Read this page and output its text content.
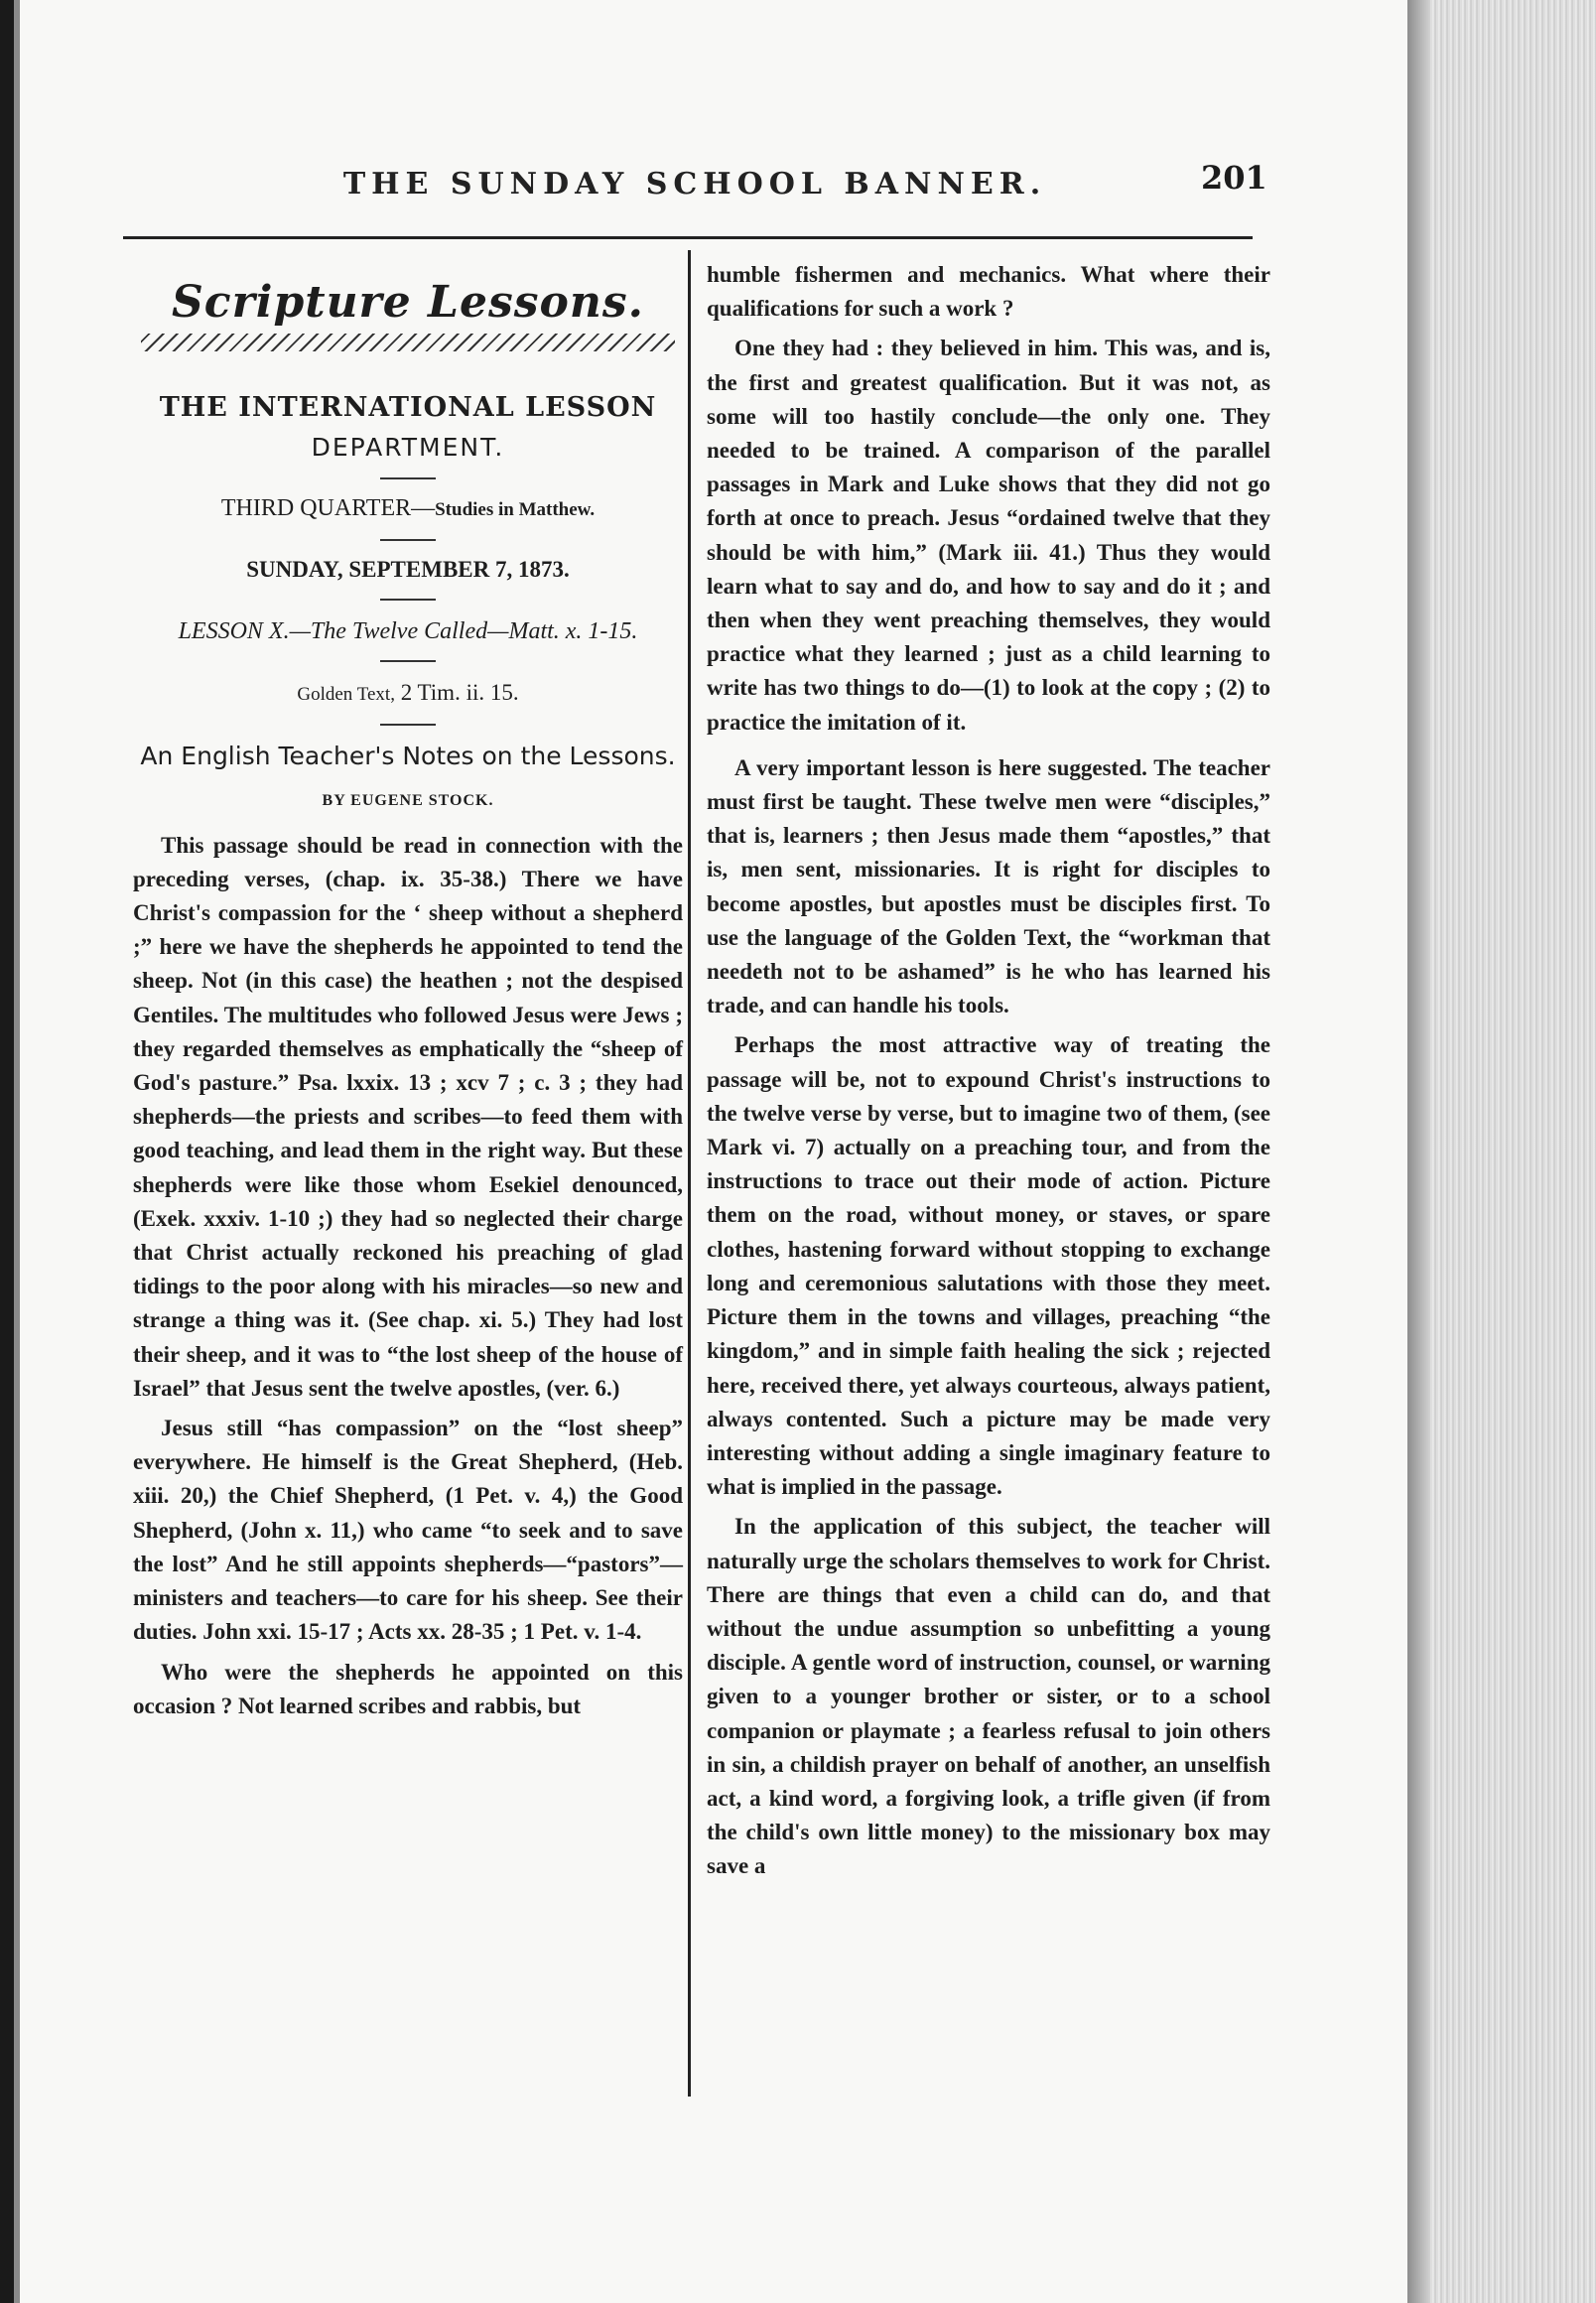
THE SUNDAY SCHOOL BANNER.	201
Scripture Lessons.
THE INTERNATIONAL LESSON
DEPARTMENT.
THIRD QUARTER—Studies in Matthew.
SUNDAY, SEPTEMBER 7, 1873.
LESSON X.—The Twelve Called—Matt. x. 1-15.
Golden Text, 2 Tim. ii. 15.
An English Teacher's Notes on the Lessons.
BY EUGENE STOCK.

This passage should be read in connection with the preceding verses, (chap. ix. 35-38.) There we have Christ's compassion for the ‘ sheep without a shepherd ;” here we have the shepherds he appointed to tend the sheep. Not (in this case) the heathen ; not the despised Gentiles. The multitudes who followed Jesus were Jews ; they regarded themselves as emphatically the “sheep of God's pasture.” Psa. lxxix. 13 ; xcv 7 ; c. 3 ; they had shepherds—the priests and scribes—to feed them with good teaching, and lead them in the right way. But these shepherds were like those whom Esekiel denounced, (Exek. xxxiv. 1-10 ;) they had so neglected their charge that Christ actually reckoned his preaching of glad tidings to the poor along with his miracles—so new and strange a thing was it. (See chap. xi. 5.) They had lost their sheep, and it was to “the lost sheep of the house of Israel” that Jesus sent the twelve apostles, (ver. 6.)

Jesus still “has compassion” on the “lost sheep” everywhere. He himself is the Great Shepherd, (Heb. xiii. 20,) the Chief Shepherd, (1 Pet. v. 4,) the Good Shepherd, (John x. 11,) who came “to seek and to save the lost” And he still appoints shepherds—“pastors”—ministers and teachers—to care for his sheep. See their duties. John xxi. 15-17 ; Acts xx. 28-35 ; 1 Pet. v. 1-4.

Who were the shepherds he appointed on this occasion ? Not learned scribes and rabbis, but

humble fishermen and mechanics. What where their qualifications for such a work ?

One they had : they believed in him. This was, and is, the first and greatest qualification. But it was not, as some will too hastily conclude—the only one. They needed to be trained. A comparison of the parallel passages in Mark and Luke shows that they did not go forth at once to preach. Jesus “ordained twelve that they should be with him,” (Mark iii. 41.) Thus they would learn what to say and do, and how to say and do it ; and then when they went preaching themselves, they would practice what they learned ; just as a child learning to write has two things to do—(1) to look at the copy ; (2) to practice the imitation of it.

A very important lesson is here suggested. The teacher must first be taught. These twelve men were “disciples,” that is, learners ; then Jesus made them “apostles,” that is, men sent, missionaries. It is right for disciples to become apostles, but apostles must be disciples first. To use the language of the Golden Text, the “workman that needeth not to be ashamed” is he who has learned his trade, and can handle his tools.

Perhaps the most attractive way of treating the passage will be, not to expound Christ's instructions to the twelve verse by verse, but to imagine two of them, (see Mark vi. 7) actually on a preaching tour, and from the instructions to trace out their mode of action. Picture them on the road, without money, or staves, or spare clothes, hastening forward without stopping to exchange long and ceremonious salutations with those they meet. Picture them in the towns and villages, preaching “the kingdom,” and in simple faith healing the sick ; rejected here, received there, yet always courteous, always patient, always contented. Such a picture may be made very interesting without adding a single imaginary feature to what is implied in the passage.

In the application of this subject, the teacher will naturally urge the scholars themselves to work for Christ. There are things that even a child can do, and that without the undue assumption so unbefitting a young disciple. A gentle word of instruction, counsel, or warning given to a younger brother or sister, or to a school companion or playmate ; a fearless refusal to join others in sin, a childish prayer on behalf of another, an unselfish act, a kind word, a forgiving look, a trifle given (if from the child's own little money) to the missionary box may save a
